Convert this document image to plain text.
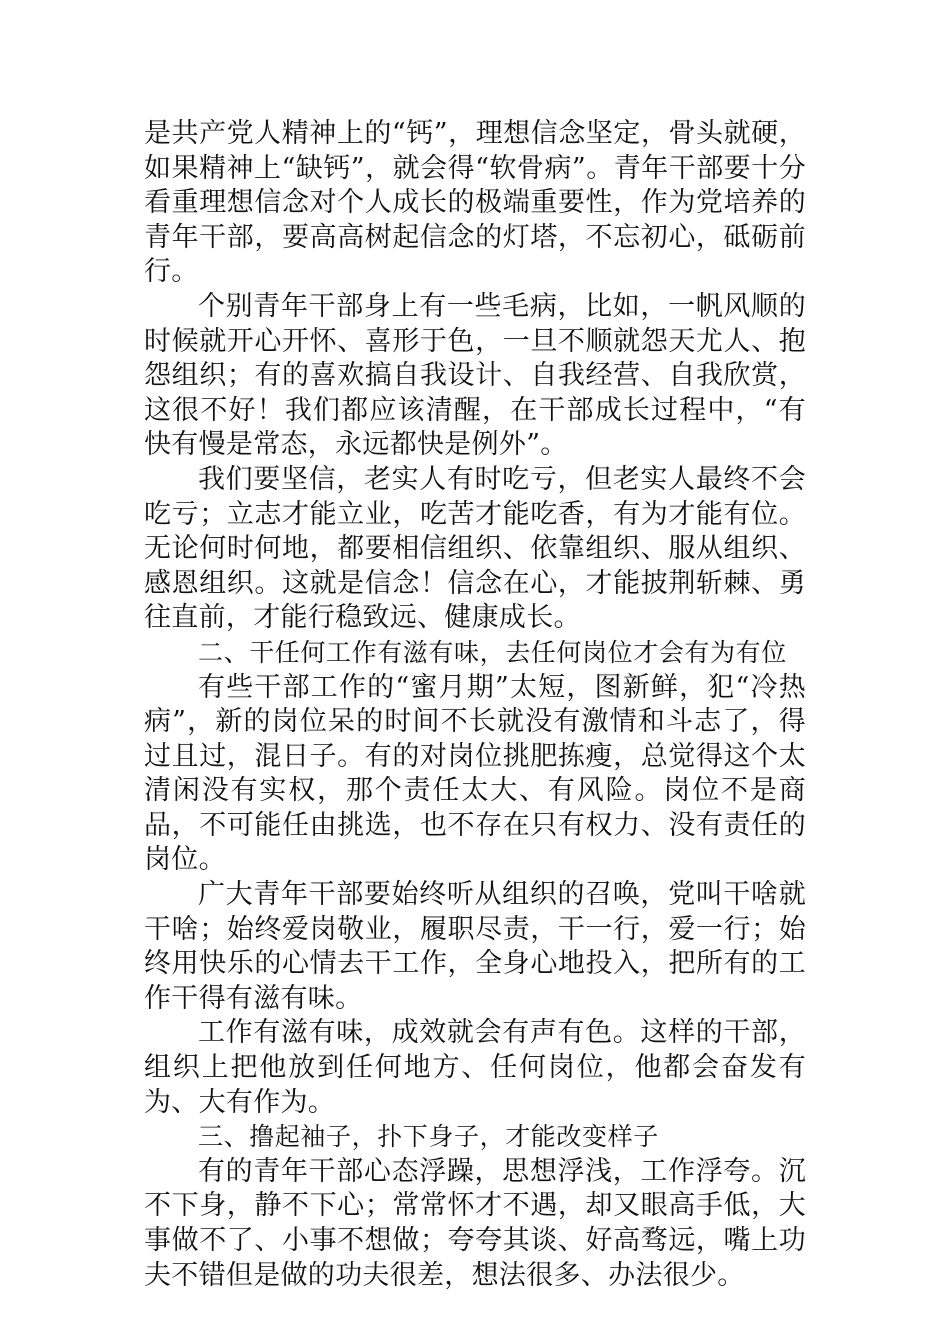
是共产党人精神上的“钙”，理想信念坚定，骨头就硬，如果精神上“缺钙”，就会得“软骨病”。青年干部要十分看重理想信念对个人成长的极端重要性，作为党培养的青年干部，要高高树起信念的灯塔，不忘初心，砥砺前行。

个别青年干部身上有一些毛病，比如，一帆风顺的时候就开心开怀、喜形于色，一旦不顺就怨天尤人、抱怨组织；有的喜欢搞自我设计、自我经营、自我欣赏，这很不好！我们都应该清醒，在干部成长过程中，“有快有慢是常态，永远都快是例外”。

我们要坚信，老实人有时吃亏，但老实人最终不会吃亏；立志才能立业，吃苦才能吃香，有为才能有位。无论何时何地，都要相信组织、依靠组织、服从组织、感恩组织。这就是信念！信念在心，才能披荆斩棘、勇往直前，才能行稳致远、健康成长。

二、干任何工作有滋有味，去任何岗位才会有为有位

有些干部工作的“蜜月期”太短，图新鲜，犯“冷热病”，新的岗位呆的时间不长就没有激情和斗志了，得过且过，混日子。有的对岗位挑肥拣瘦，总觉得这个太清闲没有实权，那个责任太大、有风险。岗位不是商品，不可能任由挑选，也不存在只有权力、没有责任的岗位。

广大青年干部要始终听从组织的召唤，党叫干啥就干啥；始终爱岗敬业，履职尽责，干一行，爱一行；始终用快乐的心情去干工作，全身心地投入，把所有的工作干得有滋有味。

工作有滋有味，成效就会有声有色。这样的干部，组织上把他放到任何地方、任何岗位，他都会奋发有为、大有作为。

三、撸起袖子，扑下身子，才能改变样子

有的青年干部心态浮躁，思想浮浅，工作浮夸。沉不下身，静不下心；常常怀才不遇，却又眼高手低，大事做不了、小事不想做；夸夸其谈、好高骛远，嘴上功夫不错但是做的功夫很差，想法很多、办法很少。
